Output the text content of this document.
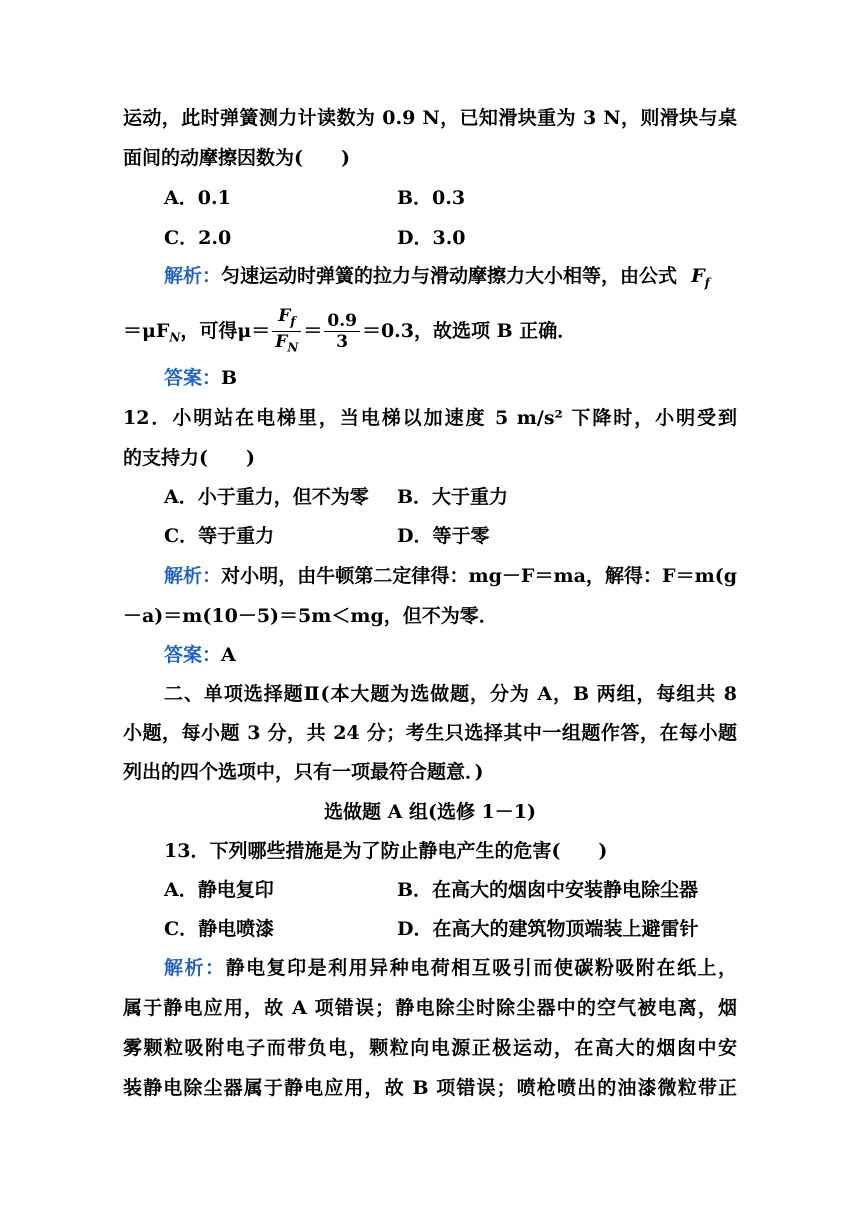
运动，此时弹簧测力计读数为 0.9 N，已知滑块重为 3 N，则滑块与桌
面间的动摩擦因数为(　　)
A．0.1	B．0.3
C．2.0	D．3.0
解析：匀速运动时弹簧的拉力与滑动摩擦力大小相等，由公式 $F_f$
$=\mu F_N$，可得$\mu= \frac{F_f}{F_N} = \frac{0.9}{3} =0.3$，故选项 B 正确．
答案：B
12．小明站在电梯里，当电梯以加速度 5 m/s² 下降时，小明受到
的支持力(　　)
A．小于重力，但不为零 B．大于重力
C．等于重力	D．等于零
解析：对小明，由牛顿第二定律得：mg－F＝ma，解得：F＝m(g
－a)＝m(10－5)＝5m＜mg，但不为零．
答案：A
二、单项选择题Ⅱ(本大题为选做题，分为 A，B 两组，每组共 8
小题，每小题 3 分，共 24 分；考生只选择其中一组题作答，在每小题
列出的四个选项中，只有一项最符合题意．)
选做题 A 组(选修 1－1)
13．下列哪些措施是为了防止静电产生的危害(　　)
A．静电复印	B．在高大的烟囱中安装静电除尘器
C．静电喷漆	D．在高大的建筑物顶端装上避雷针
解析：静电复印是利用异种电荷相互吸引而使碳粉吸附在纸上，
属于静电应用，故 A 项错误；静电除尘时除尘器中的空气被电离，烟
雾颗粒吸附电子而带负电，颗粒向电源正极运动，在高大的烟囱中安
装静电除尘器属于静电应用，故 B 项错误；喷枪喷出的油漆微粒带正
